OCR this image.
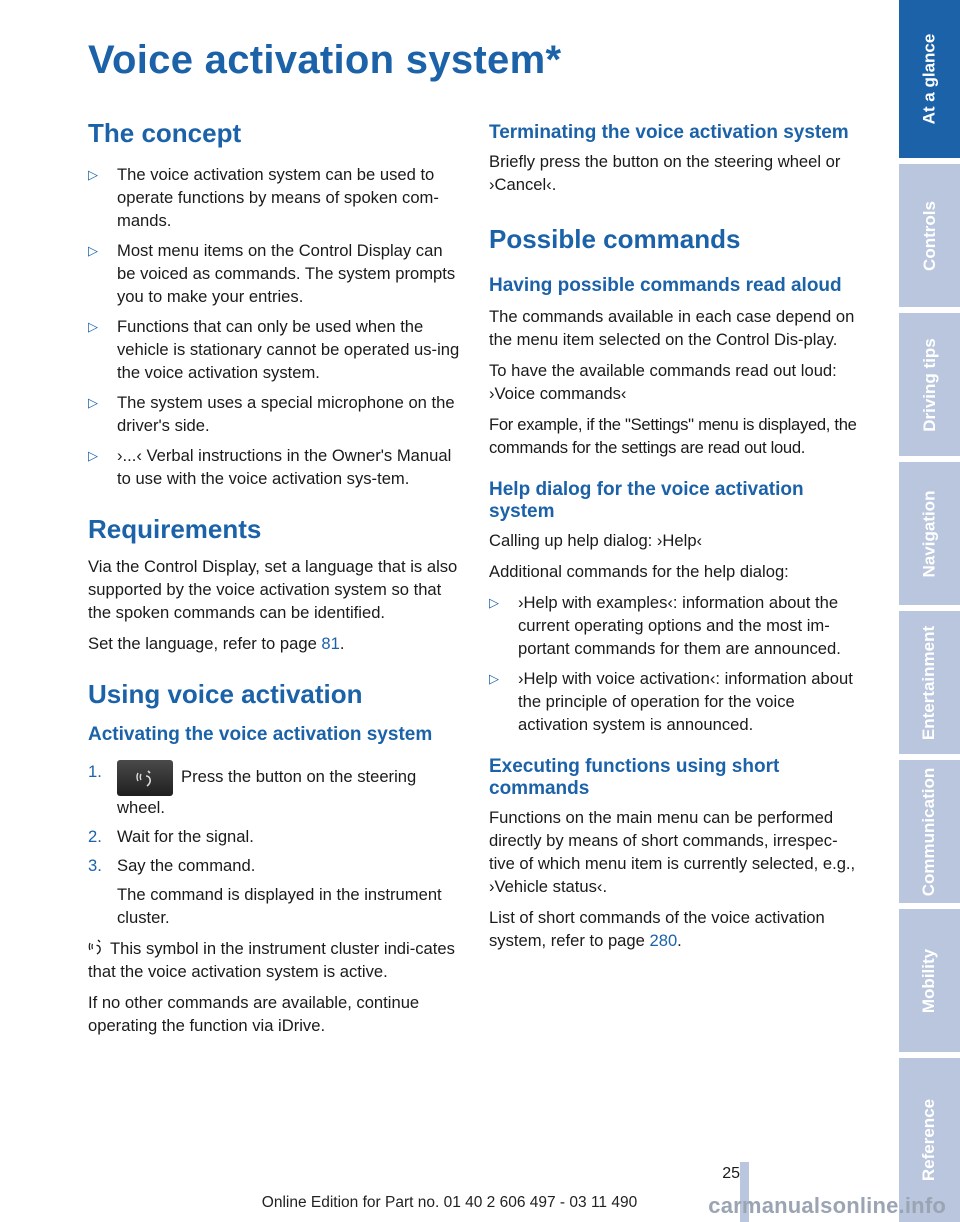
Voice activation system*
The concept
▷ The voice activation system can be used to operate functions by means of spoken com-mands.
▷ Most menu items on the Control Display can be voiced as commands. The system prompts you to make your entries.
▷ Functions that can only be used when the vehicle is stationary cannot be operated us-ing the voice activation system.
▷ The system uses a special microphone on the driver's side.
▷ ›...‹ Verbal instructions in the Owner's Manual to use with the voice activation sys-tem.
Requirements

Via the Control Display, set a language that is also supported by the voice activation system so that the spoken commands can be identified.

Set the language, refer to page 81.

Using voice activation
Activating the voice activation system
1.	Press the button on the steering wheel.
2. Wait for the signal.
3. Say the command.
The command is displayed in the instrument cluster.

This symbol in the instrument cluster indi-cates that the voice activation system is active.

If no other commands are available, continue operating the function via iDrive.

Terminating the voice activation system

Briefly press the button on the steering wheel or ›Cancel‹.

Possible commands
Having possible commands read aloud

The commands available in each case depend on the menu item selected on the Control Dis-play.

To have the available commands read out loud: ›Voice commands‹

For example, if the "Settings" menu is displayed, the commands for the settings are read out loud.

Help dialog for the voice activation system

Calling up help dialog: ›Help‹

Additional commands for the help dialog:

▷ ›Help with examples‹: information about the current operating options and the most im-portant commands for them are announced.
▷ ›Help with voice activation‹: information about the principle of operation for the voice activation system is announced.
Executing functions using short commands

Functions on the main menu can be performed directly by means of short commands, irrespec-tive of which menu item is currently selected, e.g., ›Vehicle status‹.

List of short commands of the voice activation system, refer to page 280.

At a glance
Controls
Driving tips
Navigation
Entertainment
Communication
Mobility
Reference
25
Online Edition for Part no. 01 40 2 606 497 - 03 11 490	carmanualsonline.info
